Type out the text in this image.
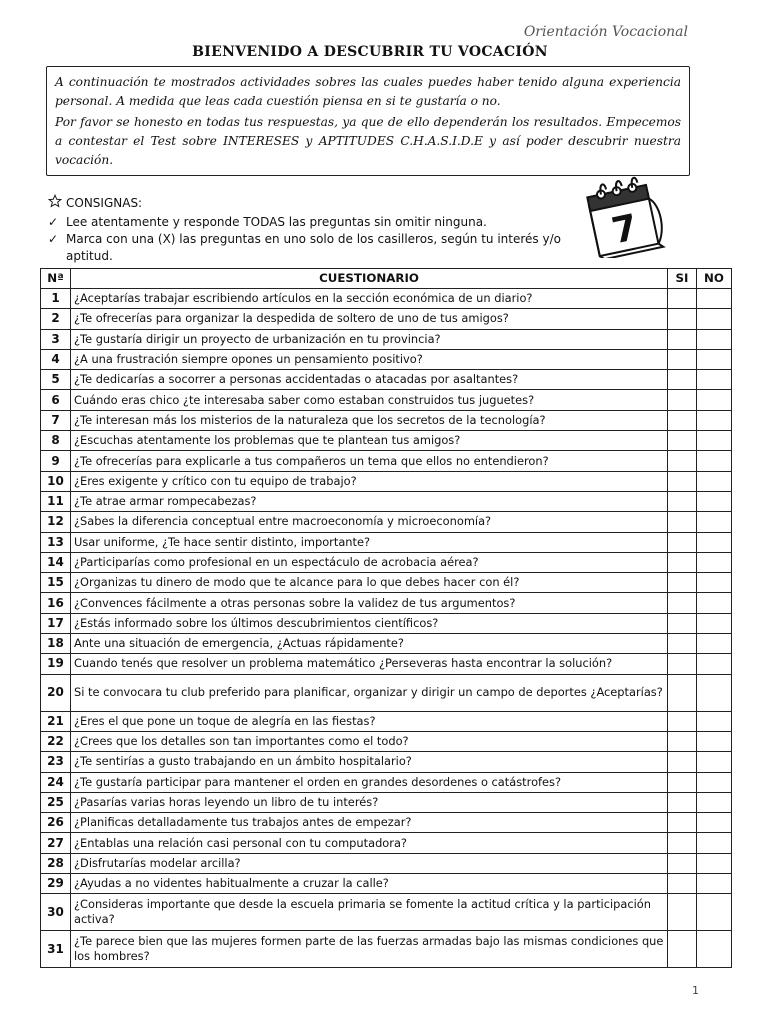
Orientación Vocacional
BIENVENIDO A DESCUBRIR TU VOCACIÓN

A continuación te mostrados actividades sobres las cuales puedes haber tenido alguna experiencia personal. A medida que leas cada cuestión piensa en si te gustaría o no.

Por favor se honesto en todas tus respuestas, ya que de ello dependerán los resultados. Empecemos a contestar el Test sobre INTERESES y APTITUDES C.H.A.S.I.D.E y así poder descubrir nuestra vocación.

CONSIGNAS:
✓ Lee atentamente y responde TODAS las preguntas sin omitir ninguna.
✓ Marca con una (X) las preguntas en uno solo de los casilleros, según tu interés y/o aptitud.
7
Nª	CUESTIONARIO	SI	NO
1	¿Aceptarías trabajar escribiendo artículos en la sección económica de un diario?		
2	¿Te ofrecerías para organizar la despedida de soltero de uno de tus amigos?		
3	¿Te gustaría dirigir un proyecto de urbanización en tu provincia?		
4	¿A una frustración siempre opones un pensamiento positivo?		
5	¿Te dedicarías a socorrer a personas accidentadas o atacadas por asaltantes?		
6	Cuándo eras chico ¿te interesaba saber como estaban construidos tus juguetes?		
7	¿Te interesan más los misterios de la naturaleza que los secretos de la tecnología?		
8	¿Escuchas atentamente los problemas que te plantean tus amigos?		
9	¿Te ofrecerías para explicarle a tus compañeros un tema que ellos no entendieron?		
10	¿Eres exigente y crítico con tu equipo de trabajo?		
11	¿Te atrae armar rompecabezas?		
12	¿Sabes la diferencia conceptual entre macroeconomía y microeconomía?		
13	Usar uniforme, ¿Te hace sentir distinto, importante?		
14	¿Participarías como profesional en un espectáculo de acrobacia aérea?		
15	¿Organizas tu dinero de modo que te alcance para lo que debes hacer con él?		
16	¿Convences fácilmente a otras personas sobre la validez de tus argumentos?		
17	¿Estás informado sobre los últimos descubrimientos científicos?		
18	Ante una situación de emergencia, ¿Actuas rápidamente?		
19	Cuando tenés que resolver un problema matemático ¿Perseveras hasta encontrar la solución?		
20	Si te convocara tu club preferido para planificar, organizar y dirigir un campo de deportes ¿Aceptarías?		
21	¿Eres el que pone un toque de alegría en las fiestas?		
22	¿Crees que los detalles son tan importantes como el todo?		
23	¿Te sentirías a gusto trabajando en un ámbito hospitalario?		
24	¿Te gustaría participar para mantener el orden en grandes desordenes o catástrofes?		
25	¿Pasarías varias horas leyendo un libro de tu interés?		
26	¿Planificas detalladamente tus trabajos antes de empezar?		
27	¿Entablas una relación casi personal con tu computadora?		
28	¿Disfrutarías modelar arcilla?		
29	¿Ayudas a no videntes habitualmente a cruzar la calle?		
30	¿Consideras importante que desde la escuela primaria se fomente la actitud crítica y la participación activa?		
31	¿Te parece bien que las mujeres formen parte de las fuerzas armadas bajo las mismas condiciones que los hombres?		
1
